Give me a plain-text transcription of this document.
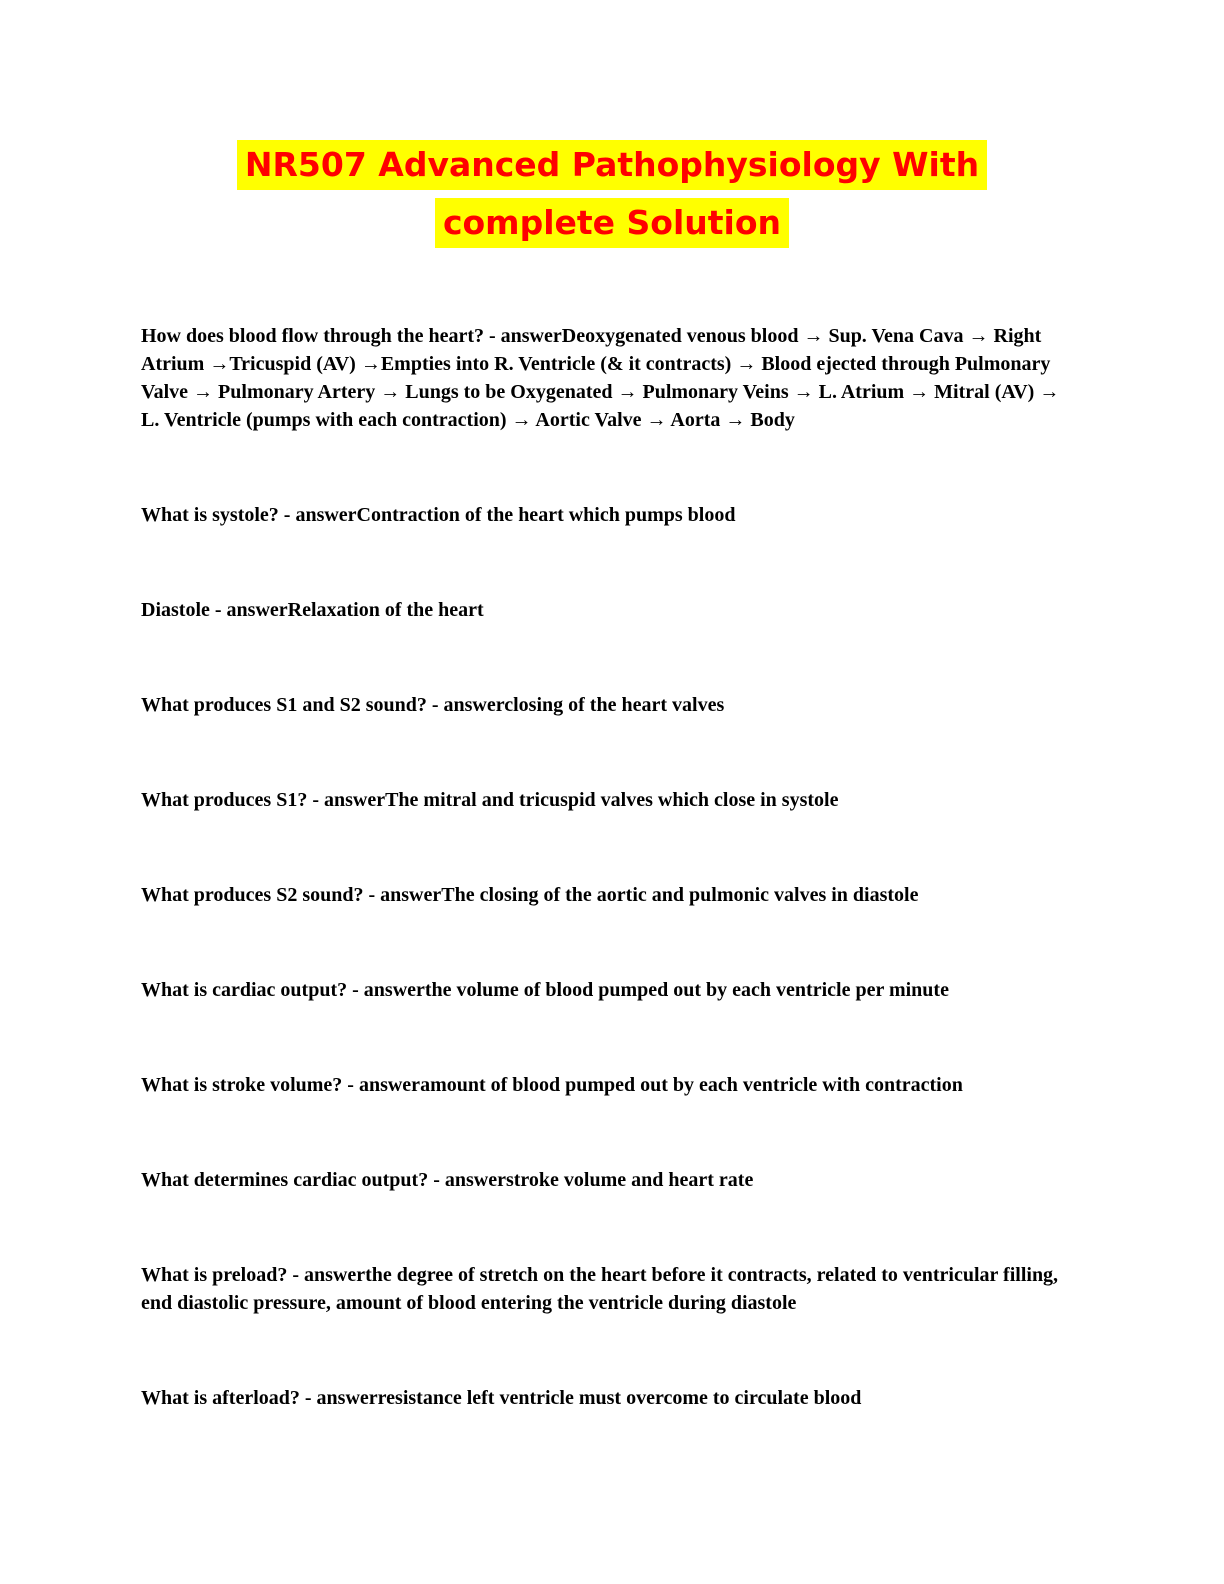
NR507 Advanced Pathophysiology With
complete Solution

How does blood flow through the heart? - answerDeoxygenated venous blood → Sup. Vena Cava → Right Atrium →Tricuspid (AV) →Empties into R. Ventricle (& it contracts) → Blood ejected through Pulmonary Valve → Pulmonary Artery → Lungs to be Oxygenated → Pulmonary Veins → L. Atrium → Mitral (AV) → L. Ventricle (pumps with each contraction) → Aortic Valve → Aorta → Body

What is systole? - answerContraction of the heart which pumps blood

Diastole - answerRelaxation of the heart

What produces S1 and S2 sound? - answerclosing of the heart valves

What produces S1? - answerThe mitral and tricuspid valves which close in systole

What produces S2 sound? - answerThe closing of the aortic and pulmonic valves in diastole

What is cardiac output? - answerthe volume of blood pumped out by each ventricle per minute

What is stroke volume? - answeramount of blood pumped out by each ventricle with contraction

What determines cardiac output? - answerstroke volume and heart rate

What is preload? - answerthe degree of stretch on the heart before it contracts, related to ventricular filling, end diastolic pressure, amount of blood entering the ventricle during diastole

What is afterload? - answerresistance left ventricle must overcome to circulate blood
